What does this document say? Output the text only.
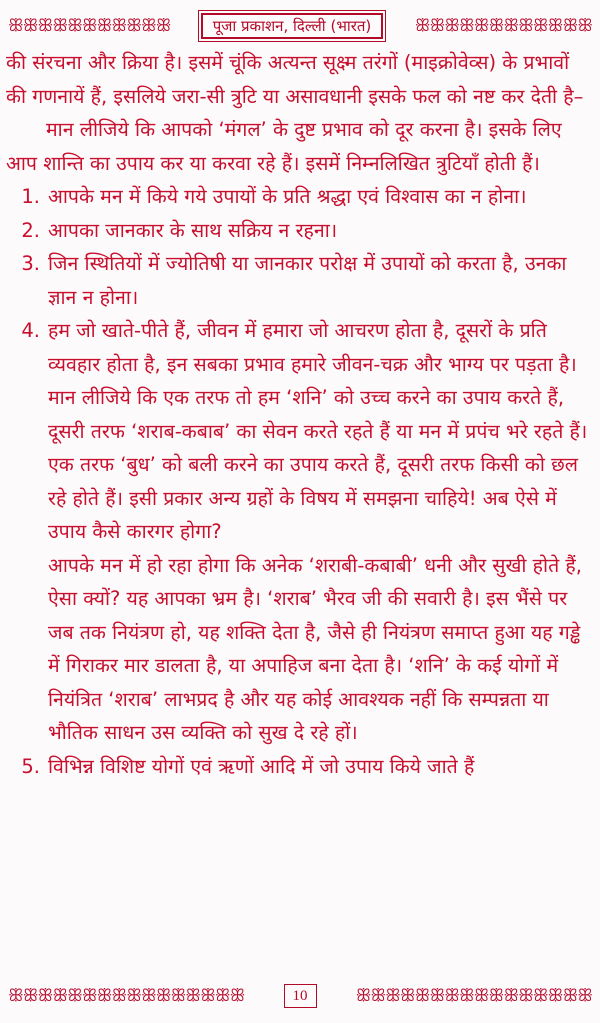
ꕥꕥꕥꕥꕥꕥꕥꕥꕥꕥꕥ	पूजा प्रकाशन, दिल्ली (भारत)	ꕥꕥꕥꕥꕥꕥꕥꕥꕥꕥꕥꕥ

की संरचना और क्रिया है। इसमें चूंकि अत्यन्त सूक्ष्म तरंगों (माइक्रोवेव्स) के प्रभावों की गणनायें हैं, इसलिये जरा-सी त्रुटि या असावधानी इसके फल को नष्ट कर देती है–

मान लीजिये कि आपको ‘मंगल’ के दुष्ट प्रभाव को दूर करना है। इसके लिए आप शान्ति का उपाय कर या करवा रहे हैं। इसमें निम्नलिखित त्रुटियाँ होती हैं।

1. आपके मन में किये गये उपायों के प्रति श्रद्धा एवं विश्वास का न होना।
2. आपका जानकार के साथ सक्रिय न रहना।
3. जिन स्थितियों में ज्योतिषी या जानकार परोक्ष में उपायों को करता है, उनका ज्ञान न होना।
4. हम जो खाते-पीते हैं, जीवन में हमारा जो आचरण होता है, दूसरों के प्रति व्यवहार होता है, इन सबका प्रभाव हमारे जीवन-चक्र और भाग्य पर पड़ता है। मान लीजिये कि एक तरफ तो हम ‘शनि’ को उच्च करने का उपाय करते हैं, दूसरी तरफ ‘शराब-कबाब’ का सेवन करते रहते हैं या मन में प्रपंच भरे रहते हैं। एक तरफ ‘बुध’ को बली करने का उपाय करते हैं, दूसरी तरफ किसी को छल रहे होते हैं। इसी प्रकार अन्य ग्रहों के विषय में समझना चाहिये! अब ऐसे में उपाय कैसे कारगर होगा?
आपके मन में हो रहा होगा कि अनेक ‘शराबी-कबाबी’ धनी और सुखी होते हैं, ऐसा क्यों? यह आपका भ्रम है। ‘शराब’ भैरव जी की सवारी है। इस भैंसे पर जब तक नियंत्रण हो, यह शक्ति देता है, जैसे ही नियंत्रण समाप्त हुआ यह गड्ढे में गिराकर मार डालता है, या अपाहिज बना देता है। ‘शनि’ के कई योगों में नियंत्रित ‘शराब’ लाभप्रद है और यह कोई आवश्यक नहीं कि सम्पन्नता या भौतिक साधन उस व्यक्ति को सुख दे रहे हों।
5. विभिन्न विशिष्ट योगों एवं ऋणों आदि में जो उपाय किये जाते हैं
ꕥꕥꕥꕥꕥꕥꕥꕥꕥꕥꕥꕥꕥꕥꕥꕥ	10	ꕥꕥꕥꕥꕥꕥꕥꕥꕥꕥꕥꕥꕥꕥꕥꕥ
